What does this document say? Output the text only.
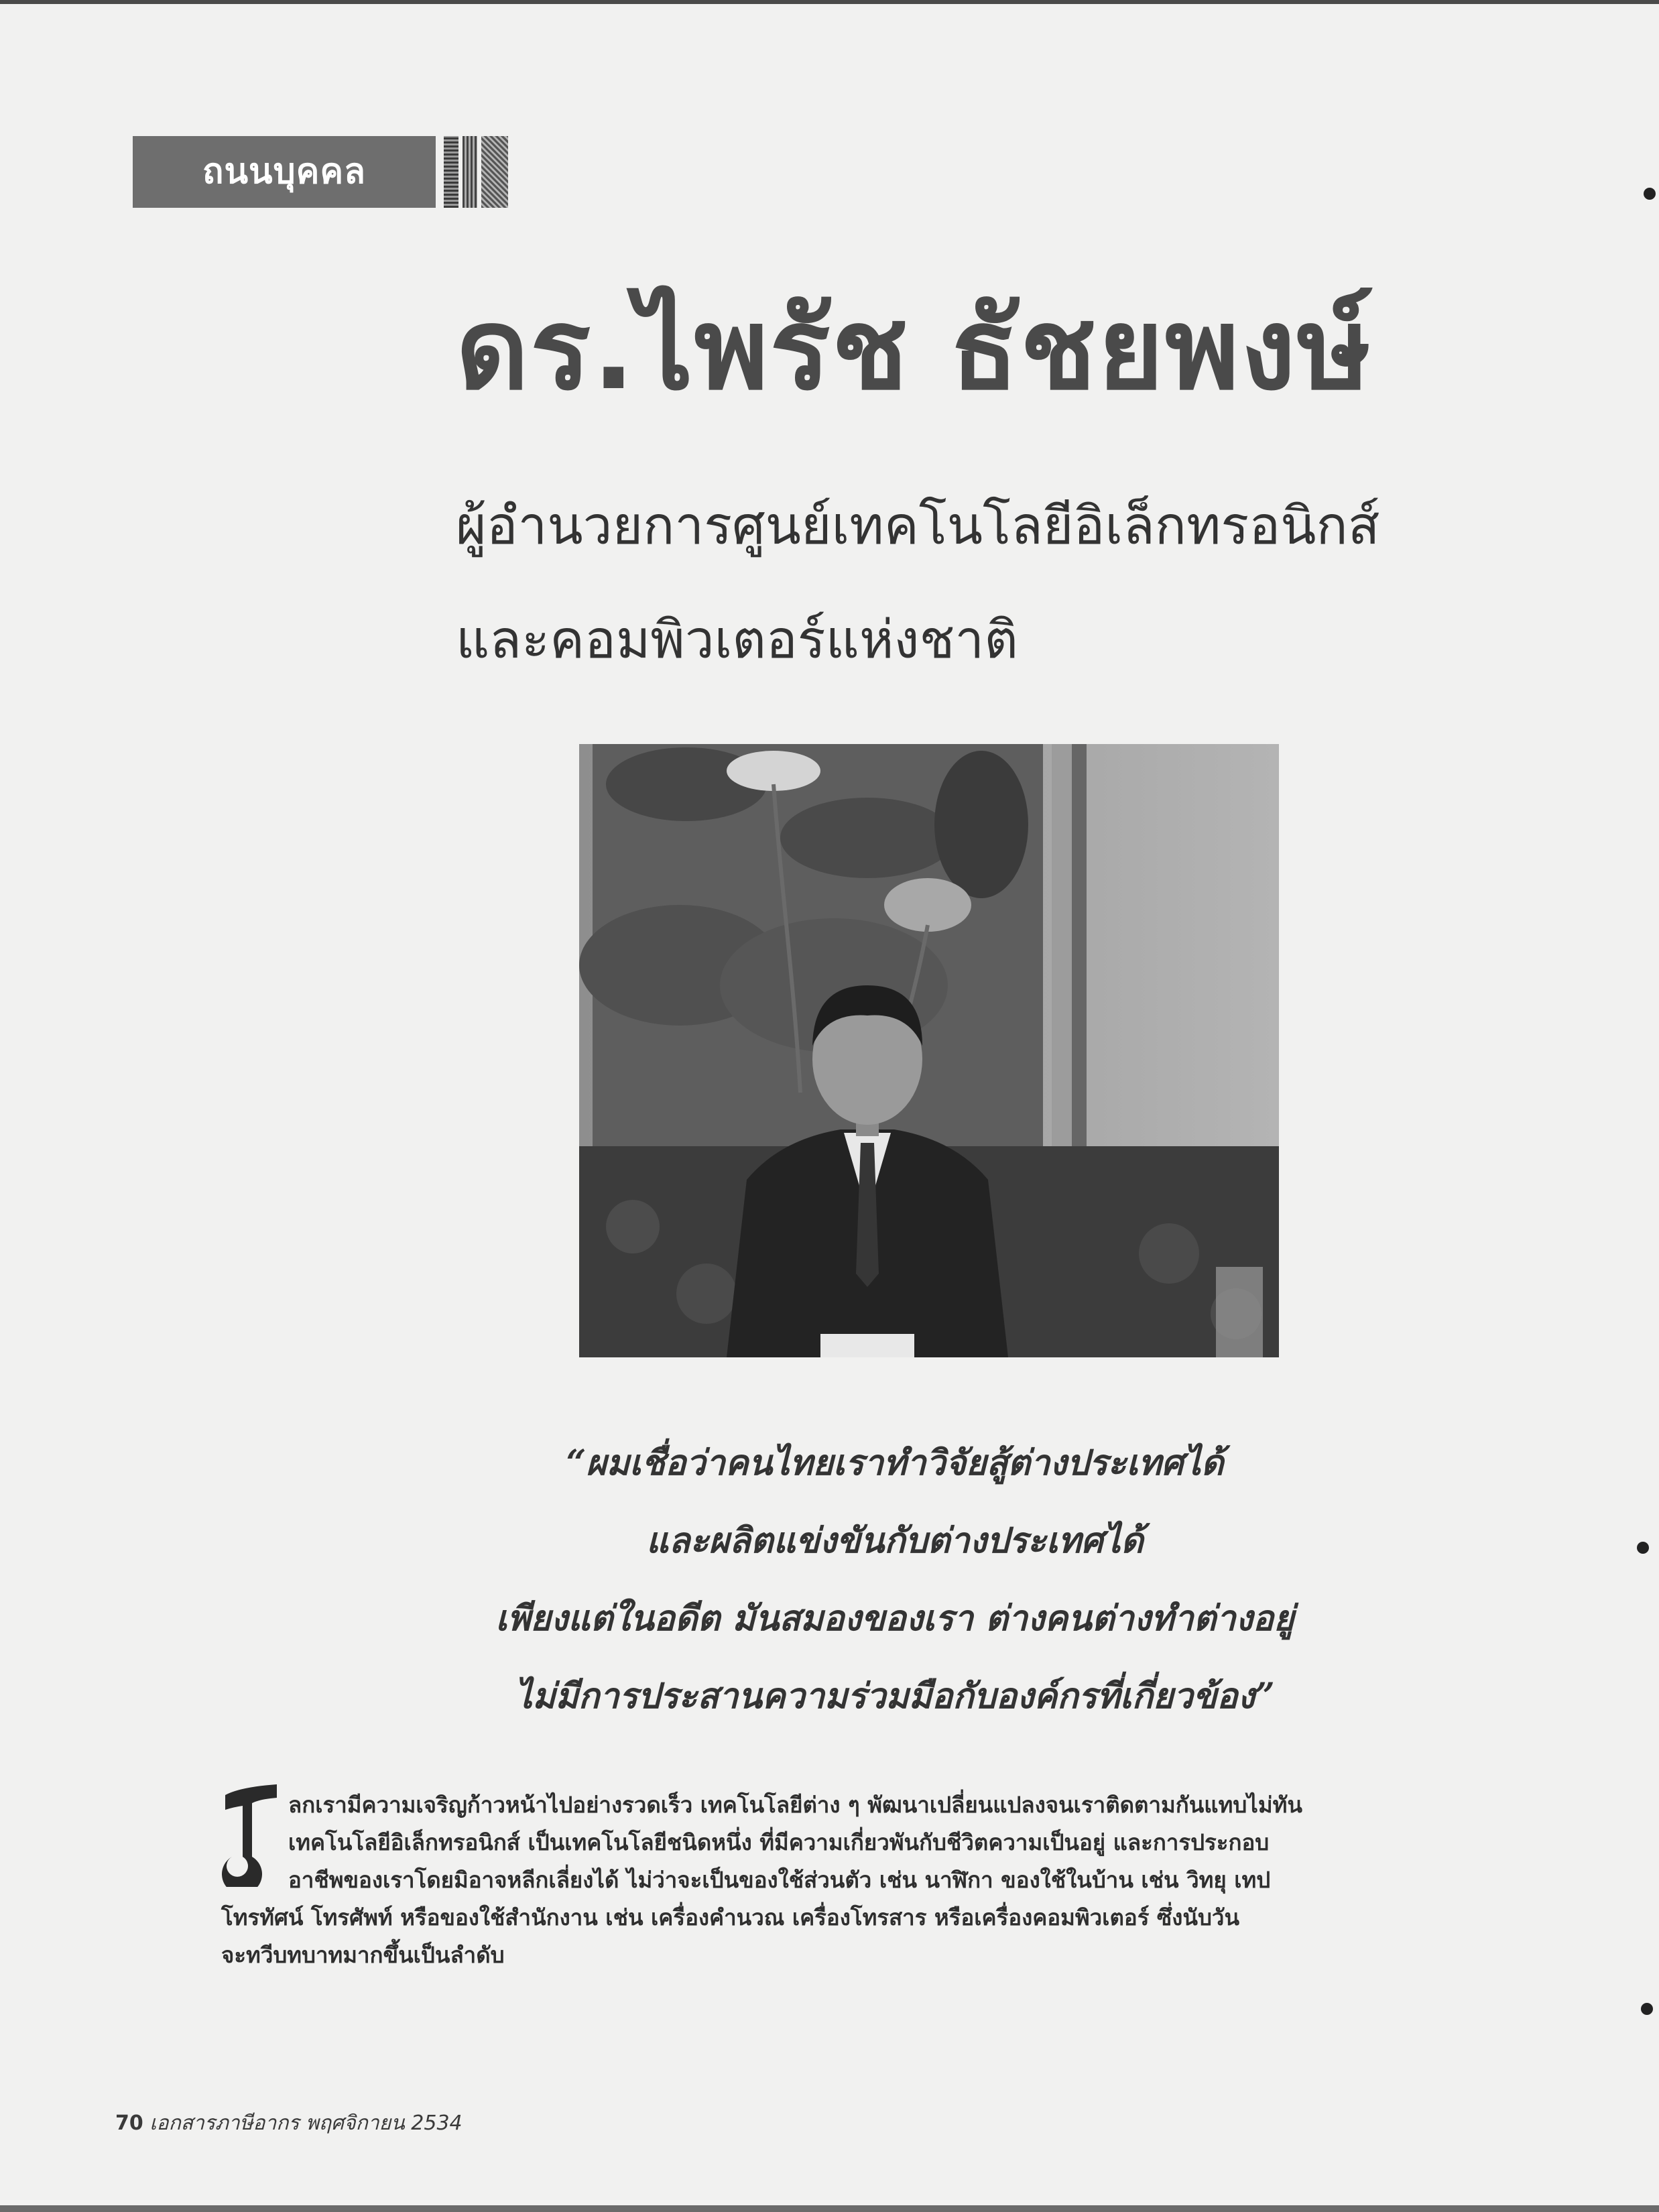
ถนนบุคคล
ดร.ไพรัช ธัชยพงษ์
ผู้อำนวยการศูนย์เทคโนโลยีอิเล็กทรอนิกส์
และคอมพิวเตอร์แห่งชาติ
“ผมเชื่อว่าคนไทยเราทำวิจัยสู้ต่างประเทศได้
และผลิตแข่งขันกับต่างประเทศได้
เพียงแต่ในอดีต มันสมองของเรา ต่างคนต่างทำต่างอยู่
ไม่มีการประสานความร่วมมือกับองค์กรที่เกี่ยวข้อง”
ลกเรามีความเจริญก้าวหน้าไปอย่างรวดเร็ว เทคโนโลยีต่าง ๆ พัฒนาเปลี่ยนแปลงจนเราติดตามกันแทบไม่ทัน
เทคโนโลยีอิเล็กทรอนิกส์ เป็นเทคโนโลยีชนิดหนึ่ง ที่มีความเกี่ยวพันกับชีวิตความเป็นอยู่ และการประกอบ
อาชีพของเราโดยมิอาจหลีกเลี่ยงได้ ไม่ว่าจะเป็นของใช้ส่วนตัว เช่น นาฬิกา ของใช้ในบ้าน เช่น วิทยุ เทป
โทรทัศน์ โทรศัพท์ หรือของใช้สำนักงาน เช่น เครื่องคำนวณ เครื่องโทรสาร หรือเครื่องคอมพิวเตอร์ ซึ่งนับวัน
จะทวีบทบาทมากขึ้นเป็นลำดับ
70 เอกสารภาษีอากร พฤศจิกายน 2534
